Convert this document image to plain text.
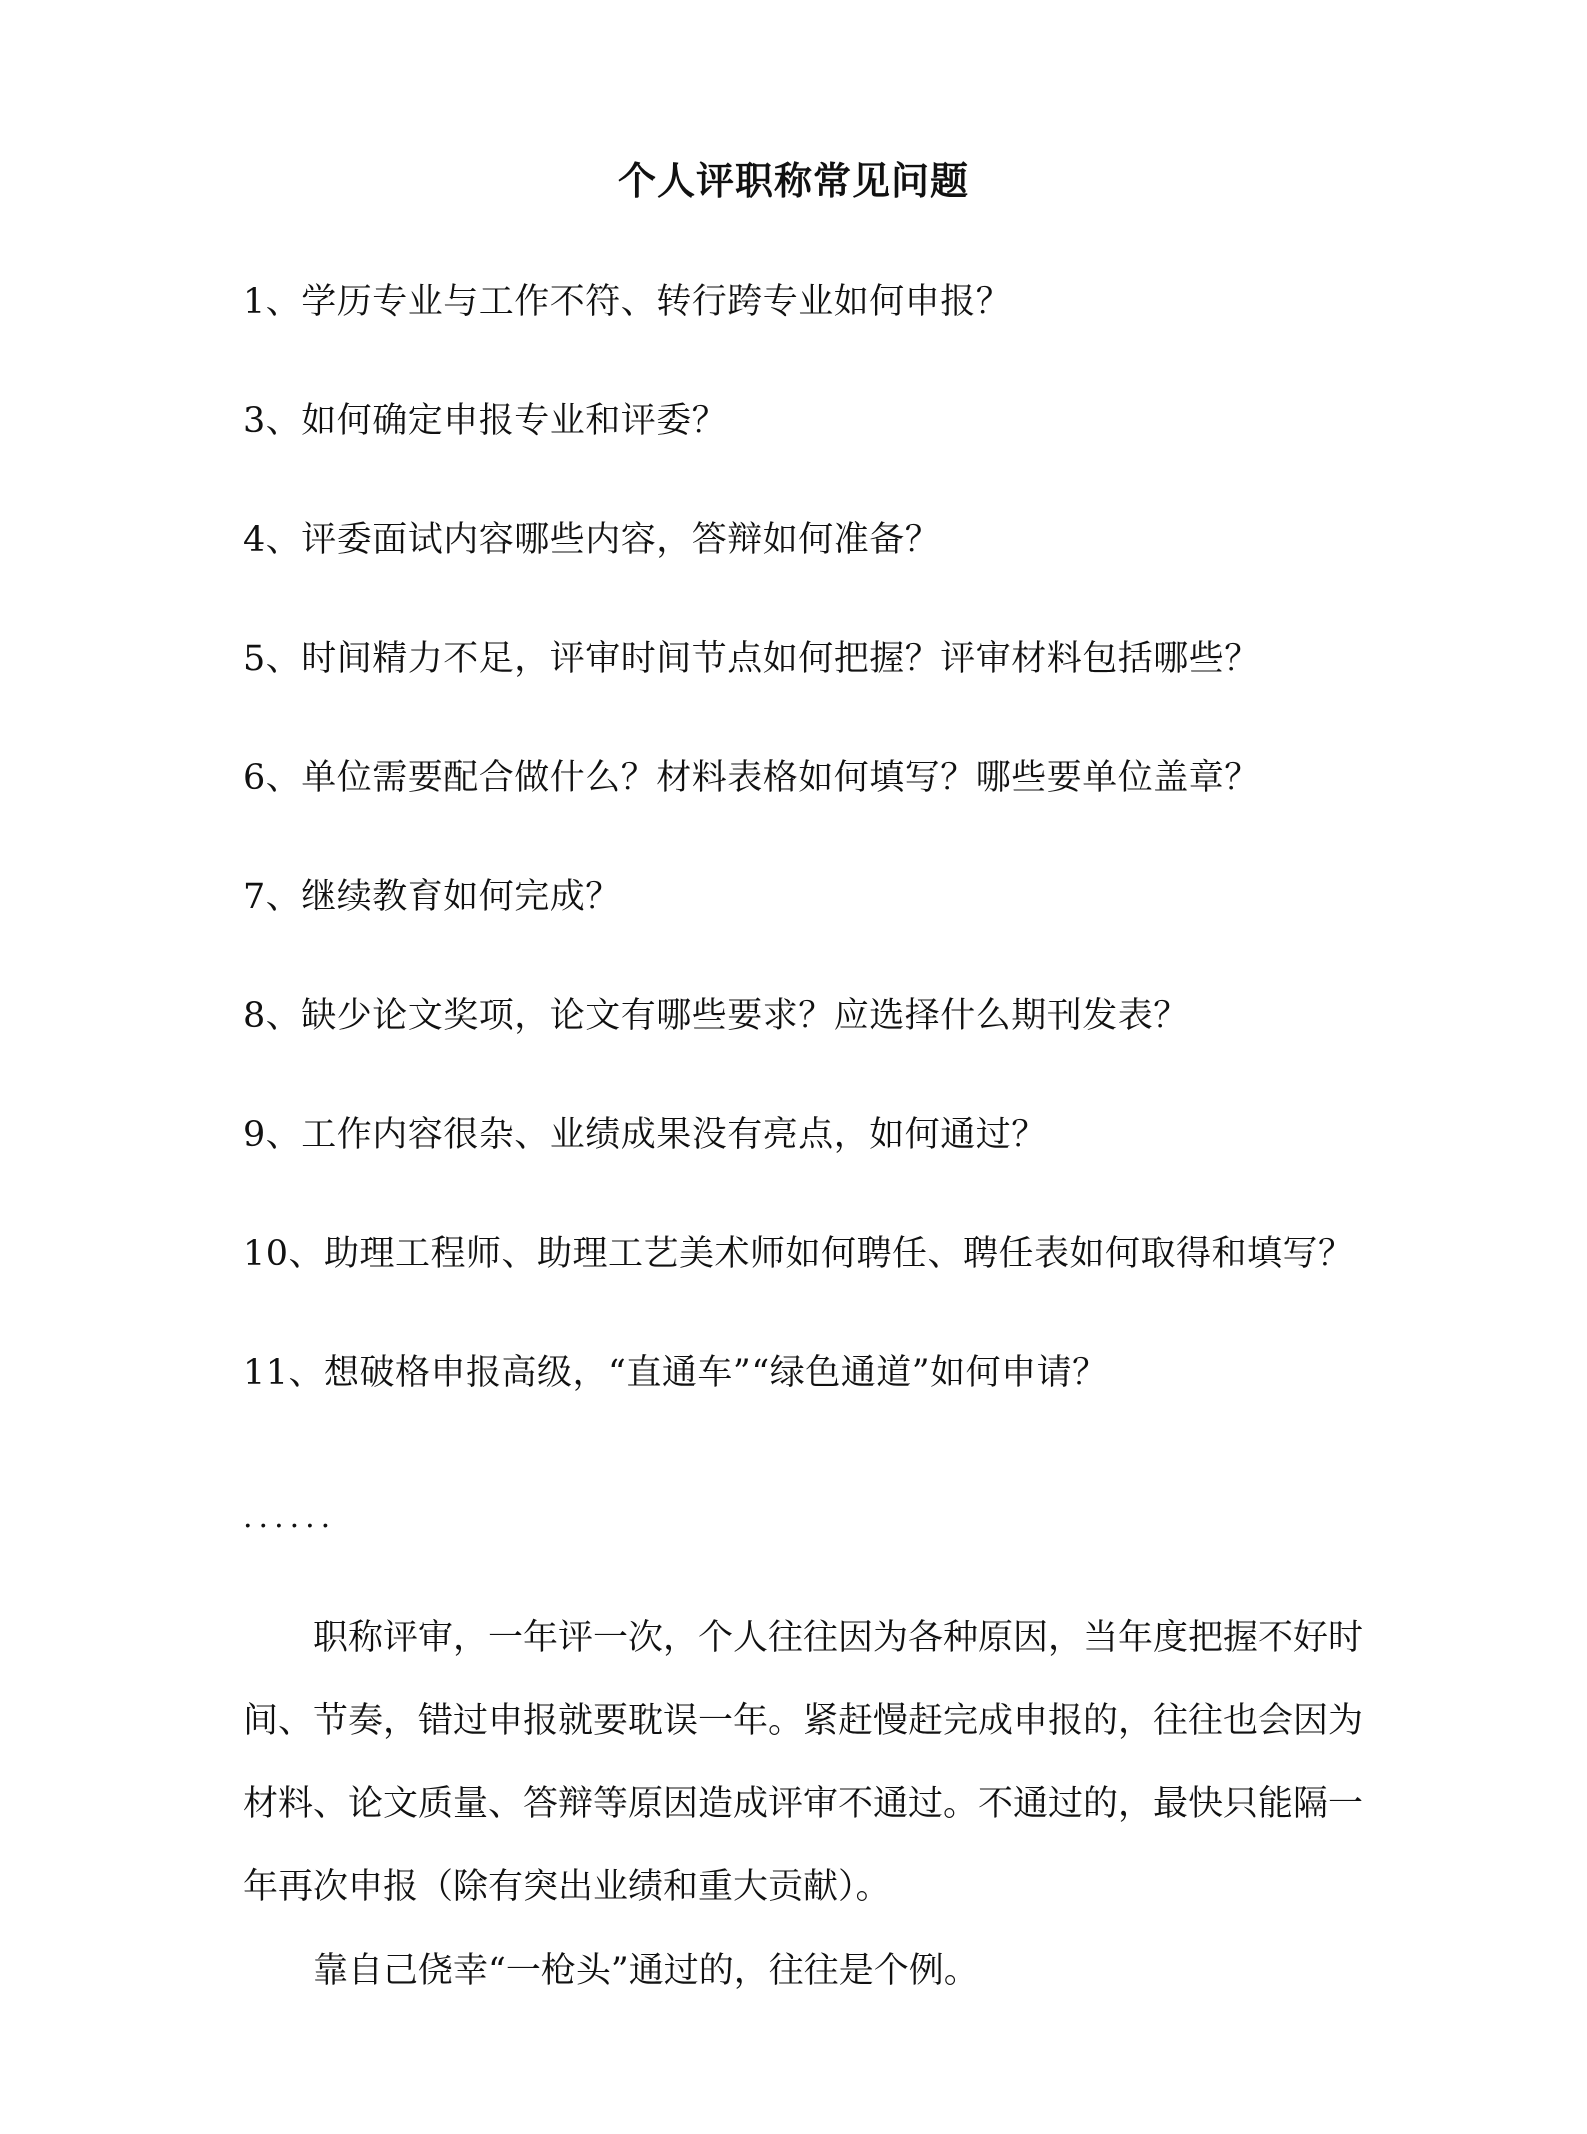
个人评职称常见问题
1、学历专业与工作不符、转行跨专业如何申报？
3、如何确定申报专业和评委？
4、评委面试内容哪些内容，答辩如何准备？
5、时间精力不足，评审时间节点如何把握？评审材料包括哪些？
6、单位需要配合做什么？材料表格如何填写？哪些要单位盖章？
7、继续教育如何完成？
8、缺少论文奖项，论文有哪些要求？应选择什么期刊发表？
9、工作内容很杂、业绩成果没有亮点，如何通过？
10、助理工程师、助理工艺美术师如何聘任、聘任表如何取得和填写？
11、想破格申报高级，“直通车”“绿色通道”如何申请？
......

职称评审，一年评一次，个人往往因为各种原因，当年度把握不好时间、节奏，错过申报就要耽误一年。紧赶慢赶完成申报的，往往也会因为材料、论文质量、答辩等原因造成评审不通过。不通过的，最快只能隔一年再次申报（除有突出业绩和重大贡献）。

靠自己侥幸“一枪头”通过的，往往是个例。
